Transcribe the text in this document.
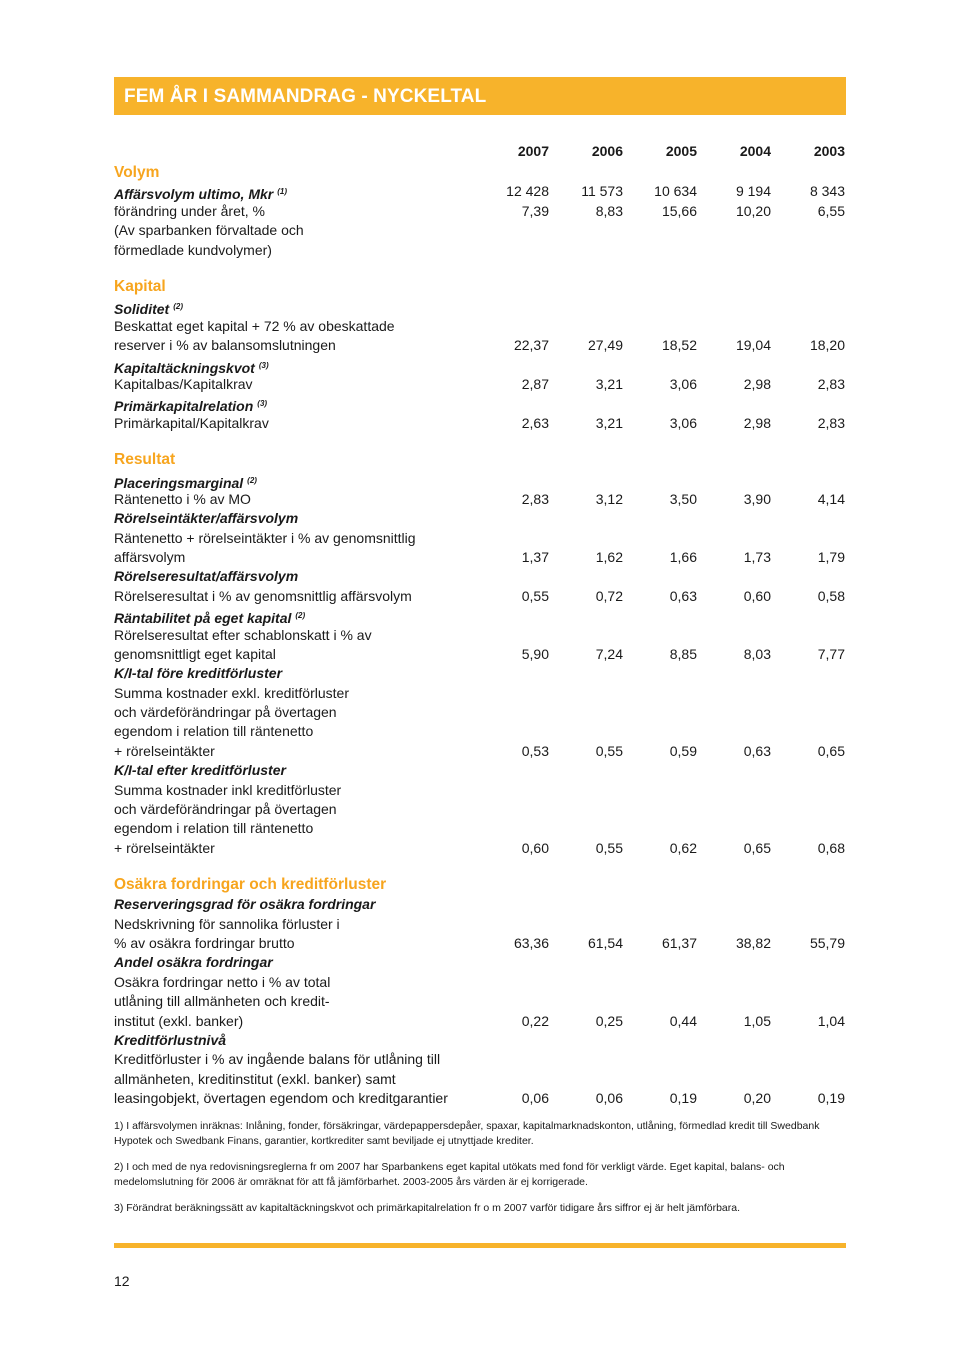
FEM ÅR I SAMMANDRAG - NYCKELTAL
2007	2006	2005	2004	2003
Volym
Affärsvolym ultimo, Mkr $^{(1)}$	12 428	11 573	10 634	9 194	8 343
förändring under året, %
(Av sparbanken förvaltade och
förmedlade kundvolymer)
7,39	8,83	15,66	10,20	6,55
Kapital
Soliditet $^{(2)}$
Beskattat eget kapital + 72 % av obeskattade
reserver i % av balansomslutningen	22,37	27,49	18,52	19,04	18,20
Kapitaltäckningskvot $^{(3)}$
Kapitalbas/Kapitalkrav	2,87	3,21	3,06	2,98	2,83
Primärkapitalrelation $^{(3)}$
Primärkapital/Kapitalkrav	2,63	3,21	3,06	2,98	2,83
Resultat
Placeringsmarginal $^{(2)}$
Räntenetto i % av MO	2,83	3,12	3,50	3,90	4,14
Rörelseintäkter/affärsvolym
Räntenetto + rörelseintäkter i % av genomsnittlig
affärsvolym	1,37	1,62	1,66	1,73	1,79
Rörelseresultat/affärsvolym
Rörelseresultat i % av genomsnittlig affärsvolym	0,55	0,72	0,63	0,60	0,58
Räntabilitet på eget kapital $^{(2)}$
Rörelseresultat efter schablonskatt i % av
genomsnittligt eget kapital	5,90	7,24	8,85	8,03	7,77
K/I-tal före kreditförluster
Summa kostnader exkl. kreditförluster
och värdeförändringar på övertagen
egendom i relation till räntenetto
+ rörelseintäkter	0,53	0,55	0,59	0,63	0,65
K/I-tal efter kreditförluster
Summa kostnader inkl kreditförluster
och värdeförändringar på övertagen
egendom i relation till räntenetto
+ rörelseintäkter	0,60	0,55	0,62	0,65	0,68
Osäkra fordringar och kreditförluster
Reserveringsgrad för osäkra fordringar
Nedskrivning för sannolika förluster i
% av osäkra fordringar brutto	63,36	61,54	61,37	38,82	55,79
Andel osäkra fordringar
Osäkra fordringar netto i % av total
utlåning till allmänheten och kredit-
institut (exkl. banker)	0,22	0,25	0,44	1,05	1,04
Kreditförlustnivå
Kreditförluster i % av ingående balans för utlåning till
allmänheten, kreditinstitut (exkl. banker) samt
leasingobjekt, övertagen egendom och kreditgarantier	0,06	0,06	0,19	0,20	0,19
1) I affärsvolymen inräknas: Inlåning, fonder, försäkringar, värdepappersdepåer, spaxar, kapitalmarknadskonton, utlåning, förmedlad kredit till Swedbank Hypotek och Swedbank Finans, garantier, kortkrediter samt beviljade ej utnyttjade krediter.
2) I och med de nya redovisningsreglerna fr om 2007 har Sparbankens eget kapital utökats med fond för verkligt värde. Eget kapital, balans- och medelomslutning för 2006 är omräknat för att få jämförbarhet. 2003-2005 års värden är ej korrigerade.
3) Förändrat beräkningssätt av kapitaltäckningskvot och primärkapitalrelation fr o m 2007 varför tidigare års siffror ej är helt jämförbara.
12
